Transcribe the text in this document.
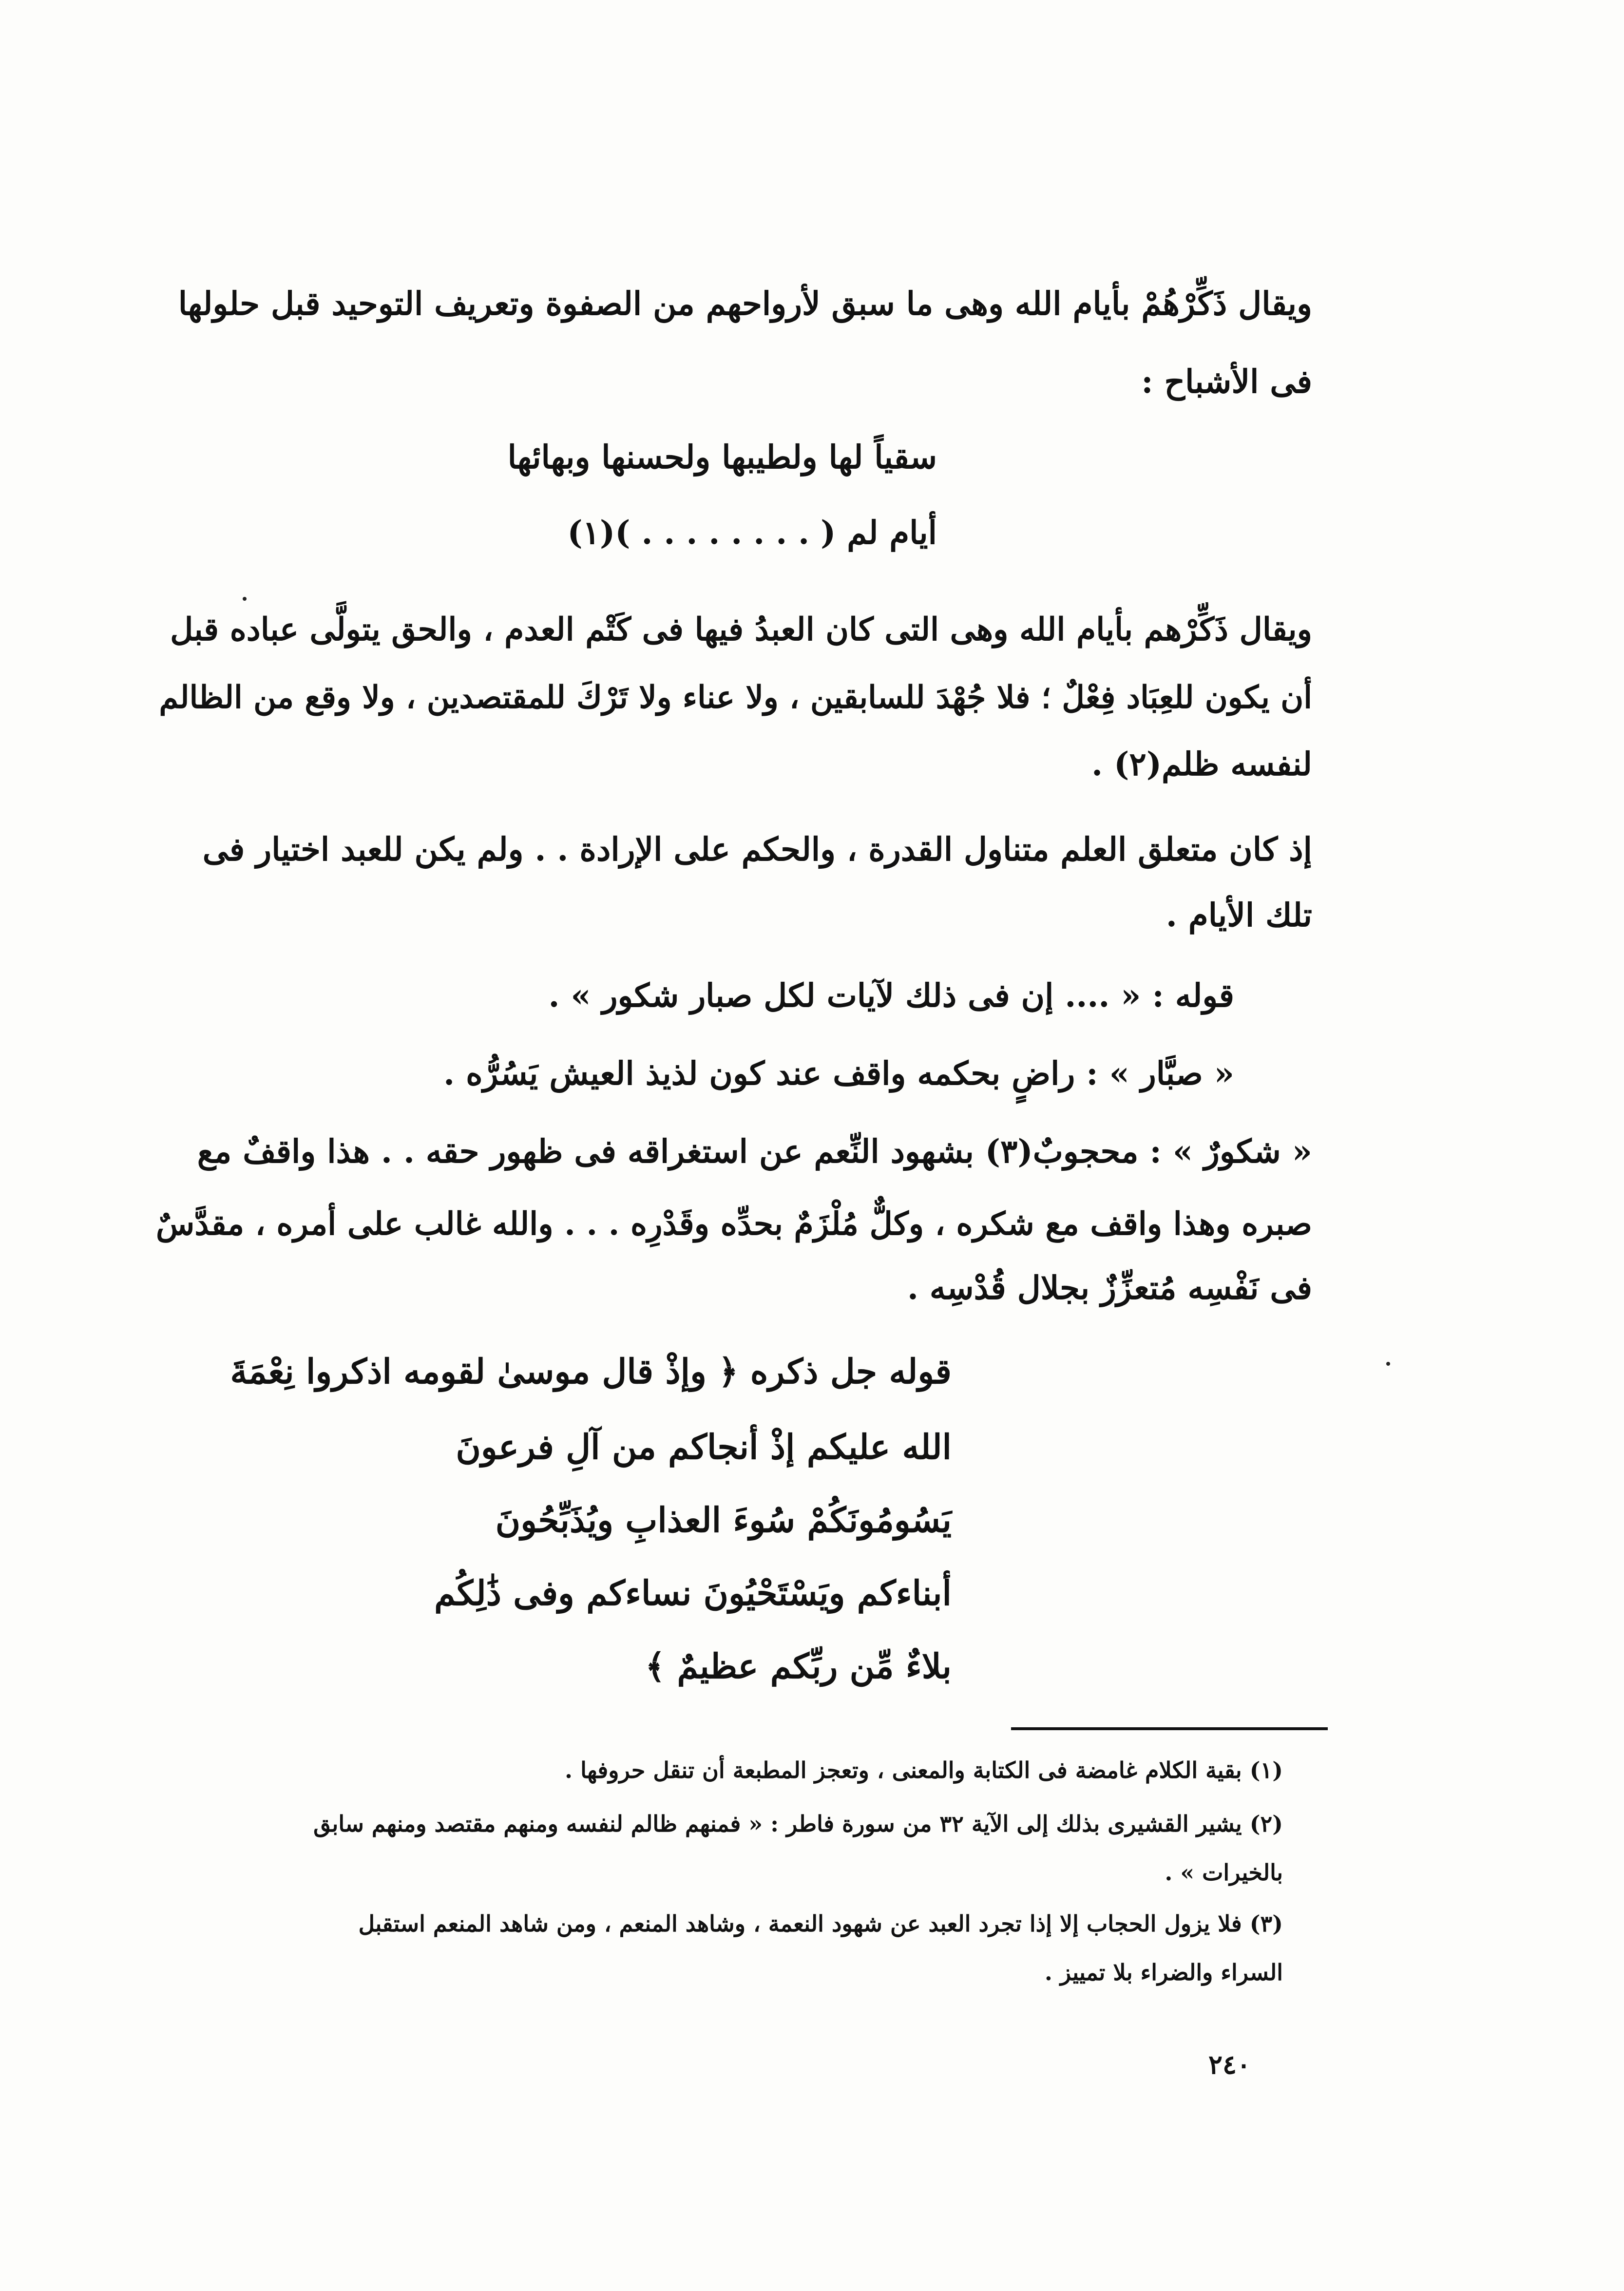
ويقال ذَكِّرْهُمْ بأيام الله وهى ما سبق لأرواحهم من الصفوة وتعريف التوحيد قبل حلولها
فى الأشباح :
سقياً لها ولطيبها ولحسنها وبهائها
أيام لم ( . . . . . . . . )(١)
ويقال ذَكِّرْهم بأيام الله وهى التى كان العبدُ فيها فى كَتْم العدم ، والحق يتولَّى عباده قبل
أن يكون للعِبَاد فِعْلٌ ؛ فلا جُهْدَ للسابقين ، ولا عناء ولا تَرْكَ للمقتصدين ، ولا وقع من الظالم
لنفسه ظلم(٢) .
إذ كان متعلق العلم متناول القدرة ، والحكم على الإرادة . . ولم يكن للعبد اختيار فى
تلك الأيام .
قوله : « .... إن فى ذلك لآيات لكل صبار شكور » .
« صبَّار » : راضٍ بحكمه واقف عند كون لذيذ العيش يَسُرُّه .
« شكورٌ » : محجوبٌ(٣) بشهود النِّعم عن استغراقه فى ظهور حقه . . هذا واقفٌ مع
صبره وهذا واقف مع شكره ، وكلٌّ مُلْزَمٌ بحدِّه وقَدْرِه . . . والله غالب على أمره ، مقدَّسٌ
فى نَفْسِه مُتعزِّزٌ بجلال قُدْسِه .
قوله جل ذكره ﴿ وإذْ قال موسىٰ لقومه اذكروا نِعْمَةَ
الله عليكم إذْ أنجاكم من آلِ فرعونَ
يَسُومُونَكُمْ سُوءَ العذابِ ويُذَبِّحُونَ
أبناءكم ويَسْتَحْيُونَ نساءكم وفى ذَٰلِكُم
بلاءٌ مِّن ربِّكم عظيمٌ ﴾
(١) بقية الكلام غامضة فى الكتابة والمعنى ، وتعجز المطبعة أن تنقل حروفها .
(٢) يشير القشيرى بذلك إلى الآية ٣٢ من سورة فاطر : « فمنهم ظالم لنفسه ومنهم مقتصد ومنهم سابق
بالخيرات » .
(٣) فلا يزول الحجاب إلا إذا تجرد العبد عن شهود النعمة ، وشاهد المنعم ، ومن شاهد المنعم استقبل
السراء والضراء بلا تمييز .
٢٤٠
